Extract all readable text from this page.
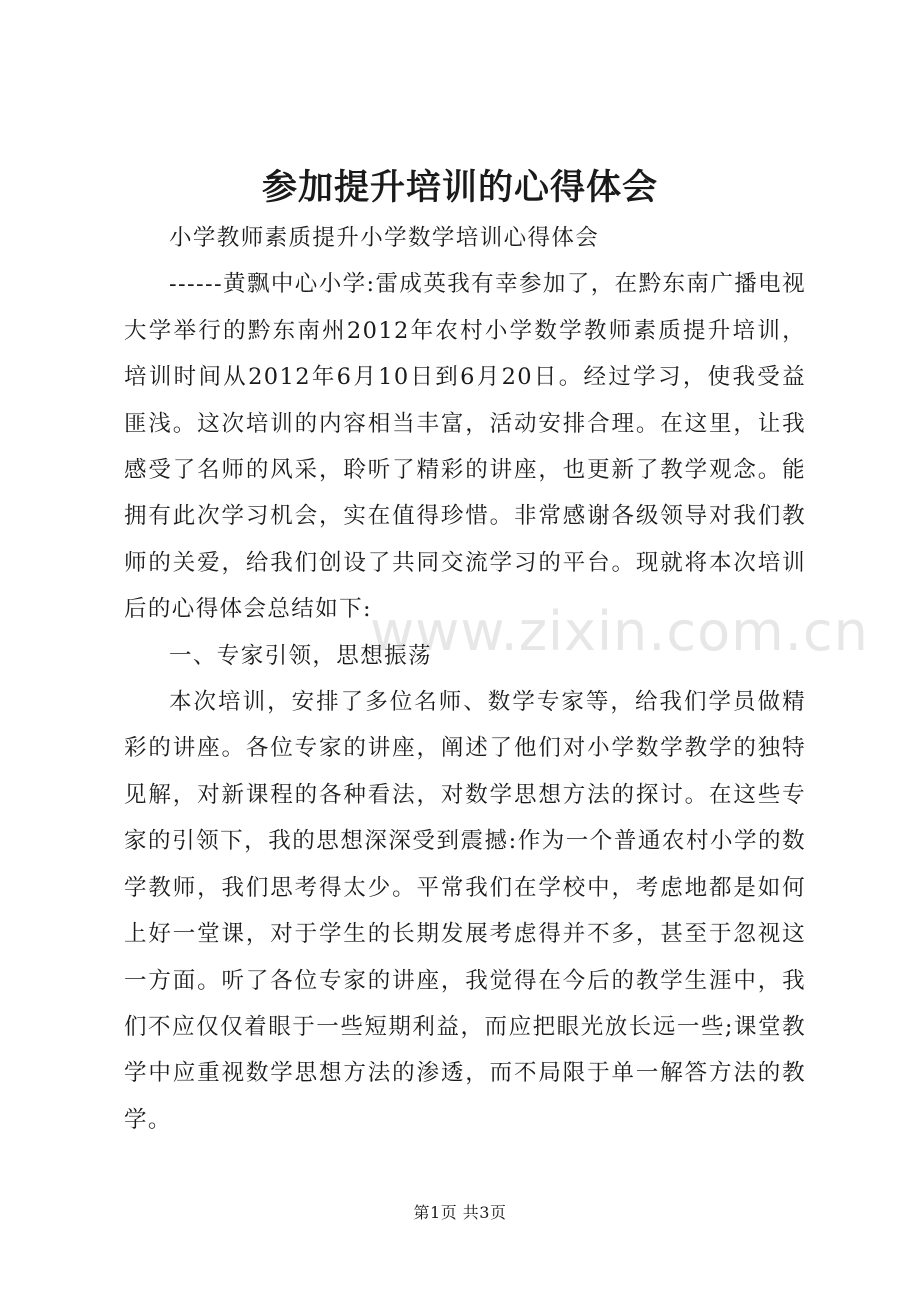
参加提升培训的心得体会

小学教师素质提升小学数学培训心得体会

------黄飘中心小学:雷成英我有幸参加了，在黔东南广播电视大学举行的黔东南州2012年农村小学数学教师素质提升培训，培训时间从2012年6月10日到6月20日。经过学习，使我受益匪浅。这次培训的内容相当丰富，活动安排合理。在这里，让我感受了名师的风采，聆听了精彩的讲座，也更新了教学观念。能拥有此次学习机会，实在值得珍惜。非常感谢各级领导对我们教师的关爱，给我们创设了共同交流学习的平台。现就将本次培训后的心得体会总结如下:

一、专家引领，思想振荡

本次培训，安排了多位名师、数学专家等，给我们学员做精彩的讲座。各位专家的讲座，阐述了他们对小学数学教学的独特见解，对新课程的各种看法，对数学思想方法的探讨。在这些专家的引领下，我的思想深深受到震撼:作为一个普通农村小学的数学教师，我们思考得太少。平常我们在学校中，考虑地都是如何上好一堂课，对于学生的长期发展考虑得并不多，甚至于忽视这一方面。听了各位专家的讲座，我觉得在今后的教学生涯中，我们不应仅仅着眼于一些短期利益，而应把眼光放长远一些;课堂教学中应重视数学思想方法的渗透，而不局限于单一解答方法的教学。

www.zixin.com.cn
第1页 共3页
